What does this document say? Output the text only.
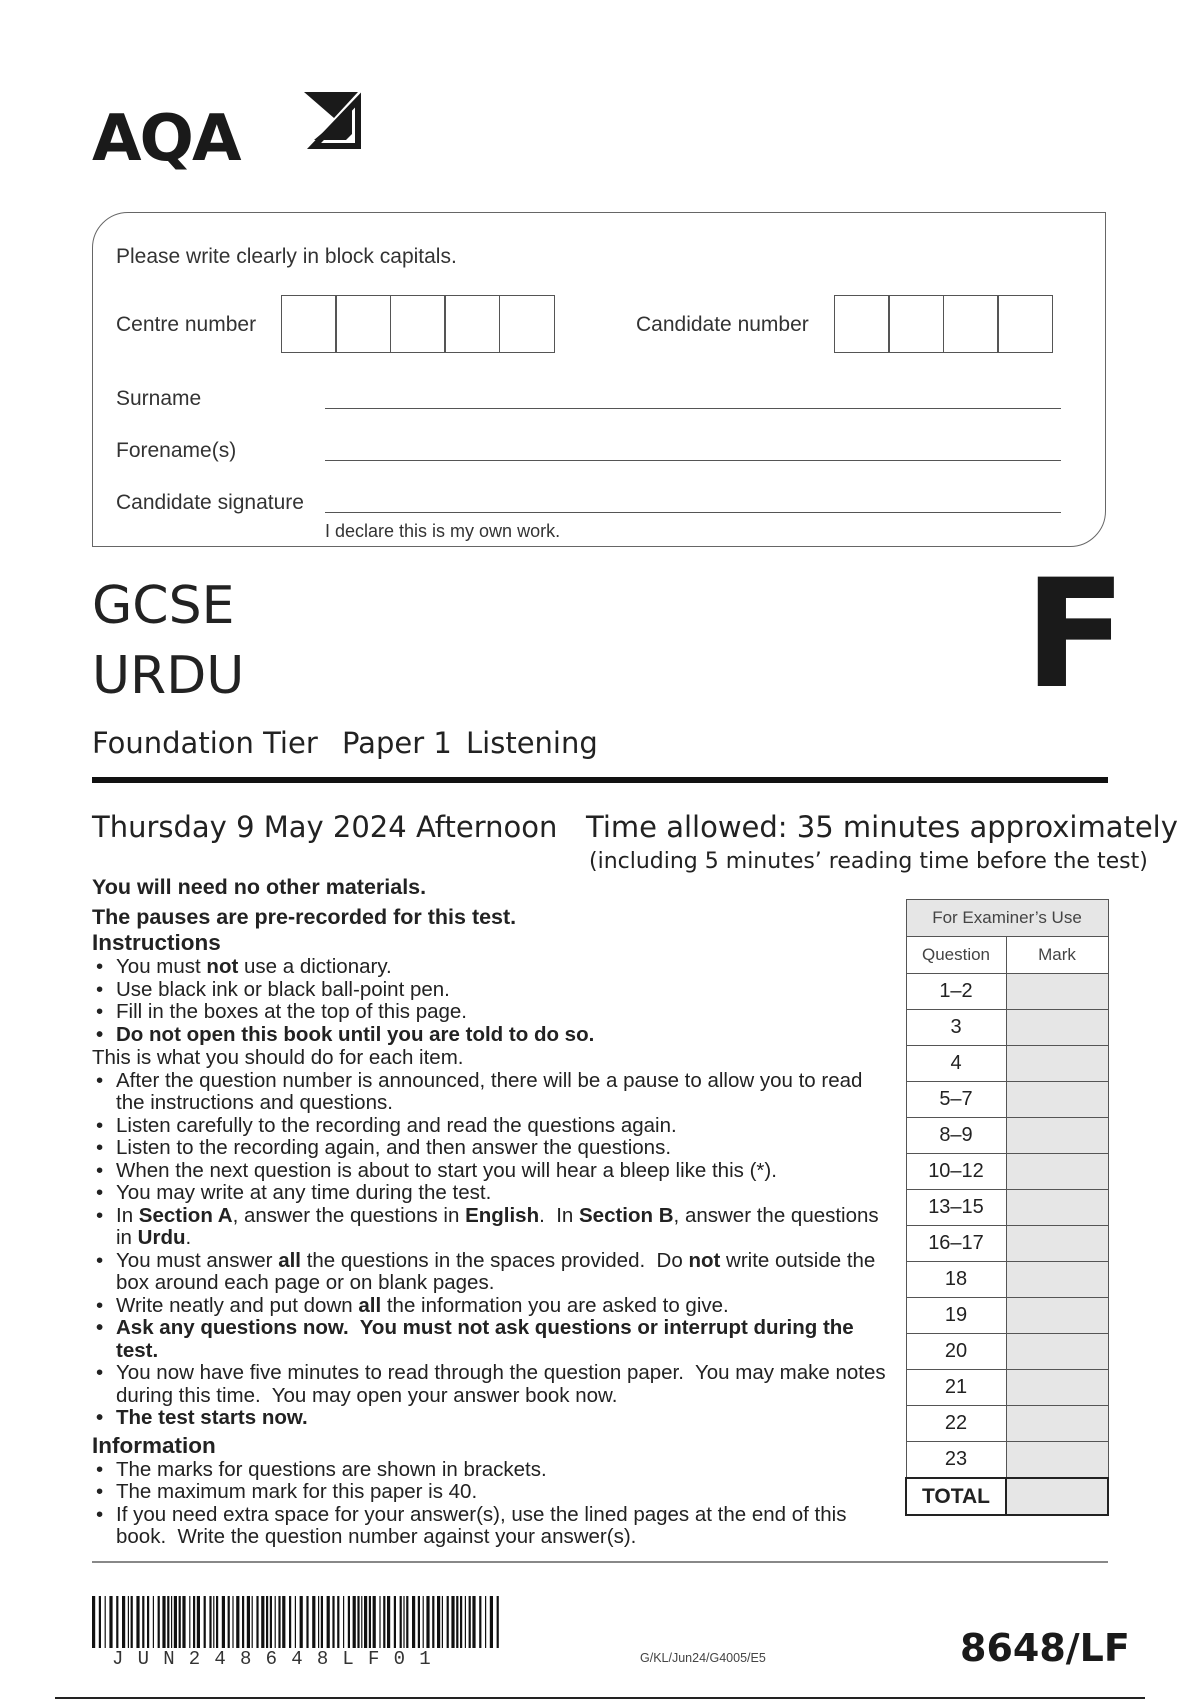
AQA
Please write clearly in block capitals.
Centre number	Candidate number
Surname
Forename(s)
Candidate signature
I declare this is my own work.
GCSE
URDU	F
Foundation Tier Paper 1 Listening
Thursday 9 May 2024 Afternoon Time allowed: 35 minutes approximately
(including 5 minutes’ reading time before the test)

You will need no other materials.

The pauses are pre-recorded for this test.

Instructions
• You must not use a dictionary.
• Use black ink or black ball-point pen.
• Fill in the boxes at the top of this page.
• Do not open this book until you are told to do so.

This is what you should do for each item.

• After the question number is announced, there will be a pause to allow you to read the instructions and questions.
• Listen carefully to the recording and read the questions again.
• Listen to the recording again, and then answer the questions.
• When the next question is about to start you will hear a bleep like this (*).
• You may write at any time during the test.
• In Section A, answer the questions in English.  In Section B, answer the questions in Urdu.
• You must answer all the questions in the spaces provided.  Do not write outside the box around each page or on blank pages.
• Write neatly and put down all the information you are asked to give.
• Ask any questions now.  You must not ask questions or interrupt during the test.
• You now have five minutes to read through the question paper.  You may make notes during this time.  You may open your answer book now.
• The test starts now.
Information
• The marks for questions are shown in brackets.
• The maximum mark for this paper is 40.
• If you need extra space for your answer(s), use the lined pages at the end of this book.  Write the question number against your answer(s).
For Examiner’s Use	
Question	Mark
1–2	
3	
4	
5–7	
8–9	
10–12	
13–15	
16–17	
18	
19	
20	
21	
22	
23	
TOTAL	
JUN248648LF01	G/KL/Jun24/G4005/E5	8648/LF
